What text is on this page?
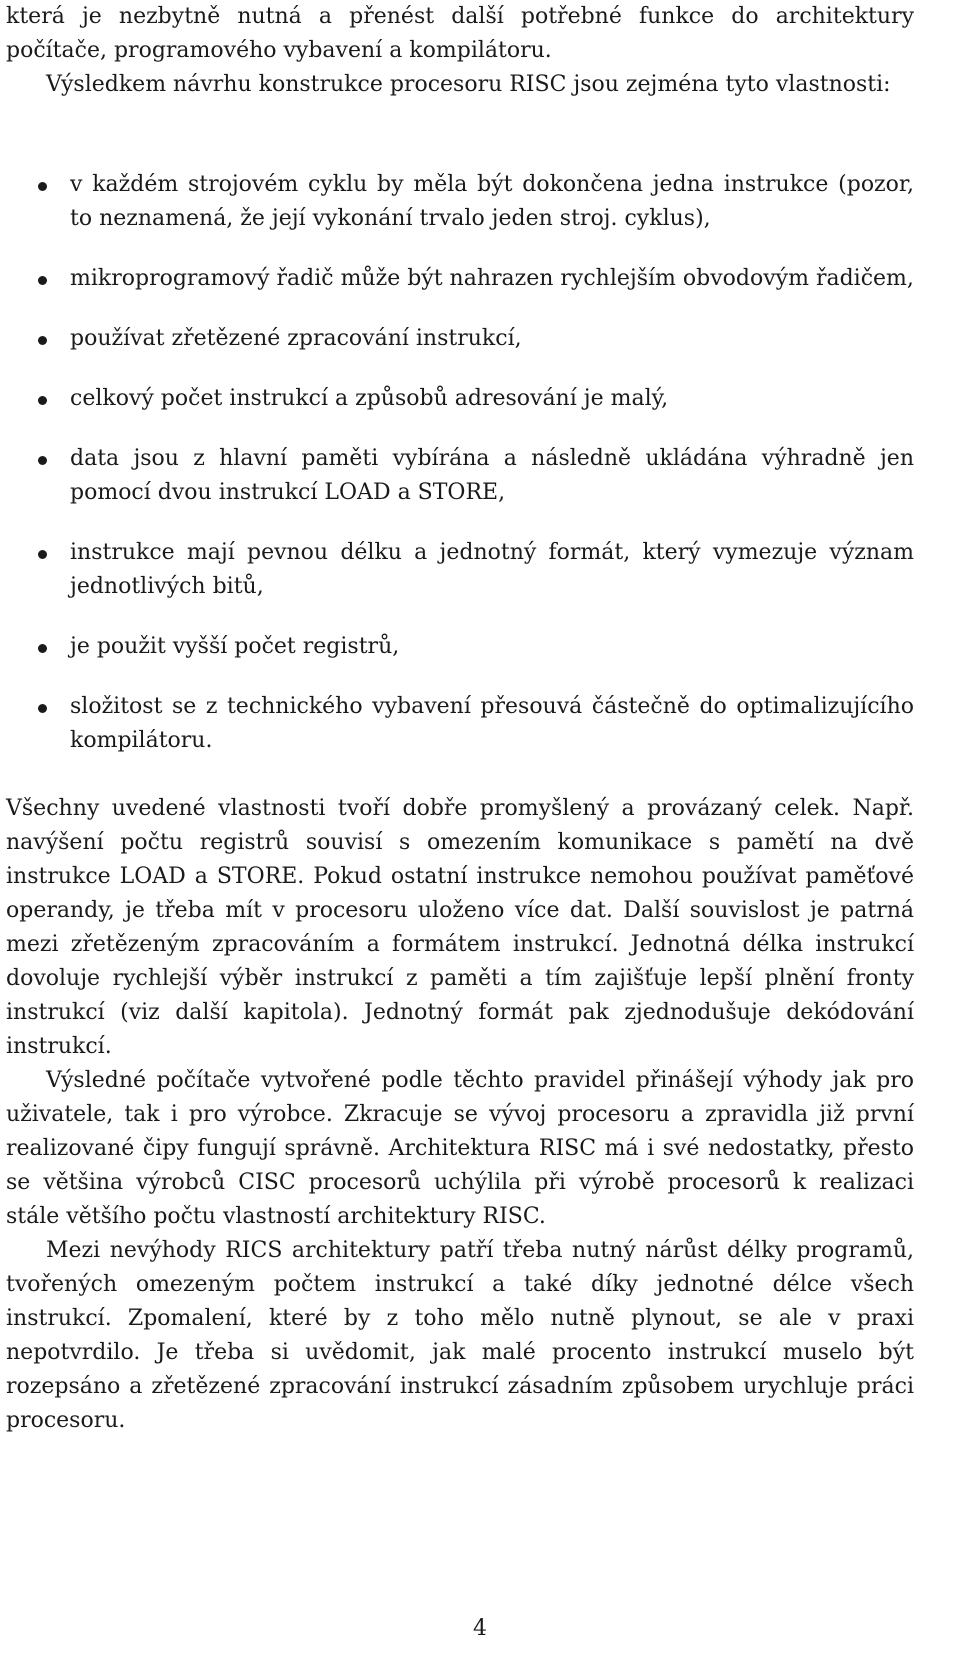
která je nezbytně nutná a přenést další potřebné funkce do architektury počítače, programového vybavení a kompilátoru.

Výsledkem návrhu konstrukce procesoru RISC jsou zejména tyto vlastnosti:

v každém strojovém cyklu by měla být dokončena jedna instrukce (pozor, to neznamená, že její vykonání trvalo jeden stroj. cyklus),
mikroprogramový řadič může být nahrazen rychlejším obvodovým řadičem,
používat zřetězené zpracování instrukcí,
celkový počet instrukcí a způsobů adresování je malý,
data jsou z hlavní paměti vybírána a následně ukládána výhradně jen pomocí dvou instrukcí LOAD a STORE,
instrukce mají pevnou délku a jednotný formát, který vymezuje význam jednotlivých bitů,
je použit vyšší počet registrů,
složitost se z technického vybavení přesouvá částečně do optimalizujícího kompilátoru.

Všechny uvedené vlastnosti tvoří dobře promyšlený a provázaný celek. Např. navýšení počtu registrů souvisí s omezením komunikace s pamětí na dvě instrukce LOAD a STORE. Pokud ostatní instrukce nemohou používat paměťové operandy, je třeba mít v procesoru uloženo více dat. Další souvislost je patrná mezi zřetězeným zpracováním a formátem instrukcí. Jednotná délka instrukcí dovoluje rychlejší výběr instrukcí z paměti a tím zajišťuje lepší plnění fronty instrukcí (viz další kapitola). Jednotný formát pak zjednodušuje dekódování instrukcí.

Výsledné počítače vytvořené podle těchto pravidel přinášejí výhody jak pro uživatele, tak i pro výrobce. Zkracuje se vývoj procesoru a zpravidla již první realizované čipy fungují správně. Architektura RISC má i své nedostatky, přesto se většina výrobců CISC procesorů uchýlila při výrobě procesorů k realizaci stále většího počtu vlastností architektury RISC.

Mezi nevýhody RICS architektury patří třeba nutný nárůst délky programů, tvořených omezeným počtem instrukcí a také díky jednotné délce všech instrukcí. Zpomalení, které by z toho mělo nutně plynout, se ale v praxi nepotvrdilo. Je třeba si uvědomit, jak malé procento instrukcí muselo být rozepsáno a zřetězené zpracování instrukcí zásadním způsobem urychluje práci procesoru.

4
